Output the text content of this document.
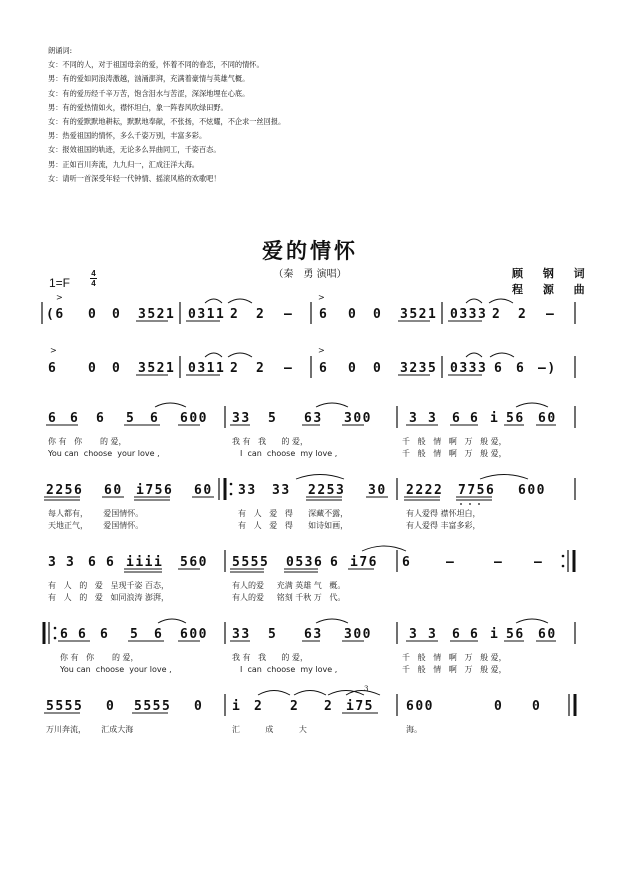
朗诵词:
女：不同的人，对于祖国母亲的爱，怀着不同的眷恋，不同的情怀。
男：有的爱如同浪涛激越，汹涌澎湃，充满着豪情与英雄气概。
女：有的爱历经千辛万苦，饱含泪水与苦涩，深深地埋在心底。
男：有的爱热情如火，襟怀坦白，象一阵春风吹绿田野。
女：有的爱默默地耕耘，默默地奉献，不张扬，不炫耀，不企求一丝回报。
男：热爱祖国的情怀，多么千姿万别，丰富多彩。
女：报效祖国的轨迹，无论多么异曲同工，千姿百态。
男：正如百川奔流，九九归一，汇成汪洋大海。
女：请听一首深受年轻一代钟情、摇滚风格的欢歌吧！
爱的情怀
（秦　勇 演唱）
1=F
4
4
顾 钢 词
程 源 曲
>	>
>	>
3
(6 0 0 3521 0311 2 2 – 6 0 0 3521 0333 2 2 –
6 0 0 3521 0311 2 2 – 6 0 0 3235 0333 6 6 –)
6 6 6 5 6 600 33 5 63 300	3 3 6 6 i 56 60
你 有   你       的 爱，	我 有   我      的 爱，	千   般   情   啊   万   般 爱，
You can  choose  your love ,	I  can  choose  my love ,	千   般   情   啊   万   般 爱，
2256 60 i756 60 33 33 2253 30 2222 7756 600
每人都有，      爱国情怀。	有   人   爱   得      深藏不露，	有人爱得 襟怀坦白，
天地正气，      爱国情怀。	有   人   爱   得      如诗如画，	有人爱得 丰富多彩，
3 3 6 6 iiii 560 5555 0536 6 i76 6	–	– –
有   人   的   爱   呈现千姿 百态，	有人的爱     充满 英雄 气   概。
有   人   的   爱   如同浪涛 澎湃，	有人的爱     铭刻 千秋 万   代。
6 6 6 5 6 600 33 5 63 300	3 3 6 6 i 56 60
你 有   你       的 爱，	我 有   我      的 爱，	千   般   情   啊   万   般 爱，
You can  choose  your love ,	I  can  choose  my love ,	千   般   情   啊   万   般 爱，
5555 0 5555 0 i 2 2 2 i75 600	0 0
万川奔流，      汇成大海	汇          成          大	海。
